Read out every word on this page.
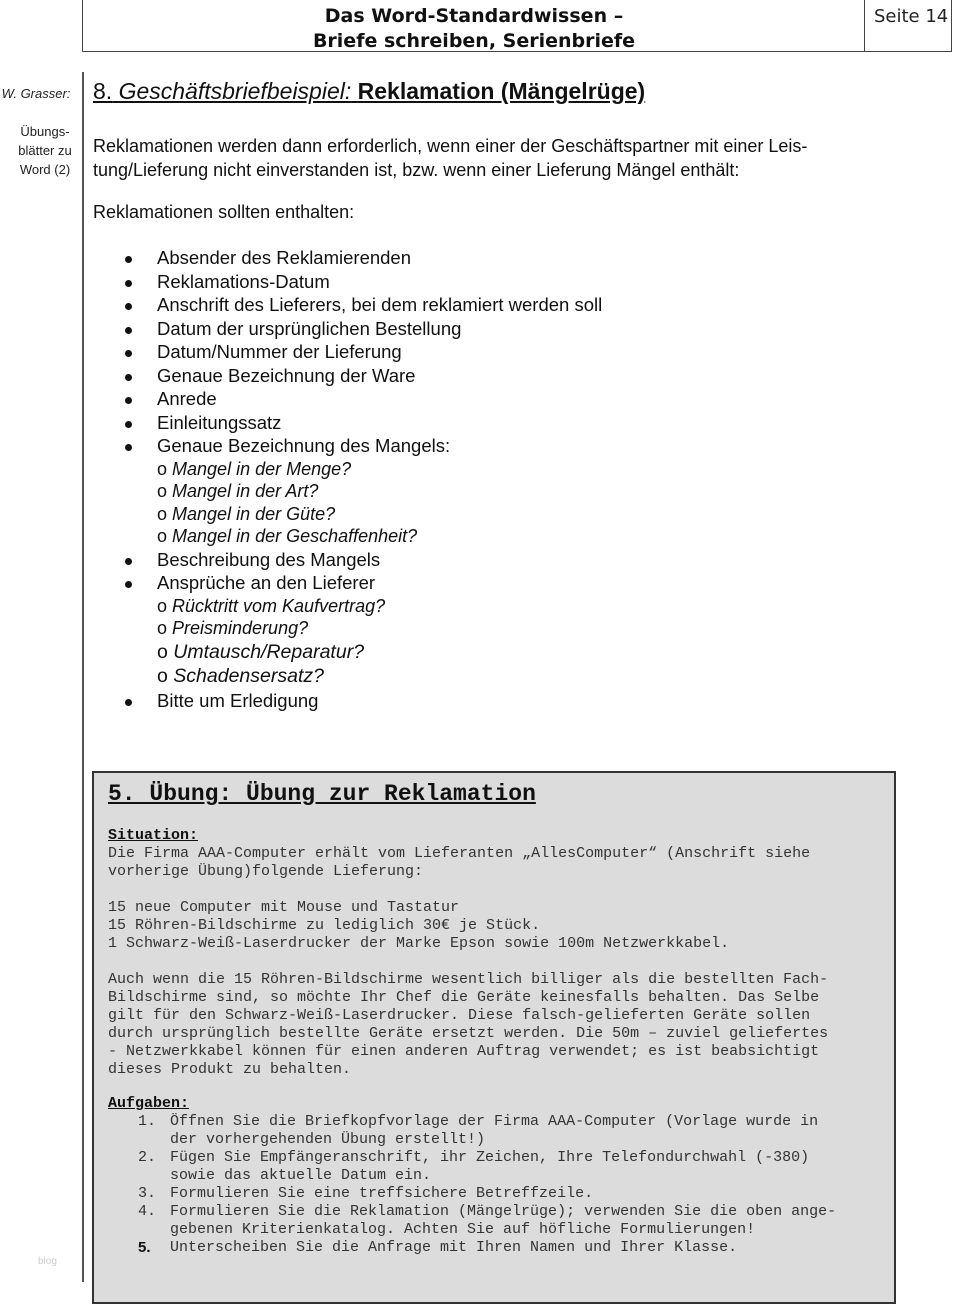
Das Word-Standardwissen –
Briefe schreiben, Serienbriefe
Seite 14
W. Grasser:
Übungs-
blätter zu
Word (2)
blog
8. Geschäftsbriefbeispiel: Reklamation (Mängelrüge)
Reklamationen werden dann erforderlich, wenn einer der Geschäftspartner mit einer Leis-
tung/Lieferung nicht einverstanden ist, bzw. wenn einer Lieferung Mängel enthält:
Reklamationen sollten enthalten:
Absender des Reklamierenden
Reklamations-Datum
Anschrift des Lieferers, bei dem reklamiert werden soll
Datum der ursprünglichen Bestellung
Datum/Nummer der Lieferung
Genaue Bezeichnung der Ware
Anrede
Einleitungssatz
Genaue Bezeichnung des Mangels:
o Mangel in der Menge?
o Mangel in der Art?
o Mangel in der Güte?
o Mangel in der Geschaffenheit?
Beschreibung des Mangels
Ansprüche an den Lieferer
o Rücktritt vom Kaufvertrag?
o Preisminderung?
o Umtausch/Reparatur?
o Schadensersatz?
Bitte um Erledigung
5. Übung: Übung zur Reklamation
Situation:
Die Firma AAA-Computer erhält vom Lieferanten „AllesComputer“ (Anschrift siehe
vorherige Übung)folgende Lieferung:
15 neue Computer mit Mouse und Tastatur
15 Röhren-Bildschirme zu lediglich 30€ je Stück.
1 Schwarz-Weiß-Laserdrucker der Marke Epson sowie 100m Netzwerkkabel.
Auch wenn die 15 Röhren-Bildschirme wesentlich billiger als die bestellten Fach-
Bildschirme sind, so möchte Ihr Chef die Geräte keinesfalls behalten. Das Selbe
gilt für den Schwarz-Weiß-Laserdrucker. Diese falsch-gelieferten Geräte sollen
durch ursprünglich bestellte Geräte ersetzt werden. Die 50m – zuviel geliefertes
- Netzwerkkabel können für einen anderen Auftrag verwendet; es ist beabsichtigt
dieses Produkt zu behalten.
Aufgaben:
1. Öffnen Sie die Briefkopfvorlage der Firma AAA-Computer (Vorlage wurde in
der vorhergehenden Übung erstellt!)
2. Fügen Sie Empfängeranschrift, ihr Zeichen, Ihre Telefondurchwahl (-380)
sowie das aktuelle Datum ein.
3. Formulieren Sie eine treffsichere Betreffzeile.
4. Formulieren Sie die Reklamation (Mängelrüge); verwenden Sie die oben ange-
gebenen Kriterienkatalog. Achten Sie auf höfliche Formulierungen!
5. Unterscheiben Sie die Anfrage mit Ihren Namen und Ihrer Klasse.
